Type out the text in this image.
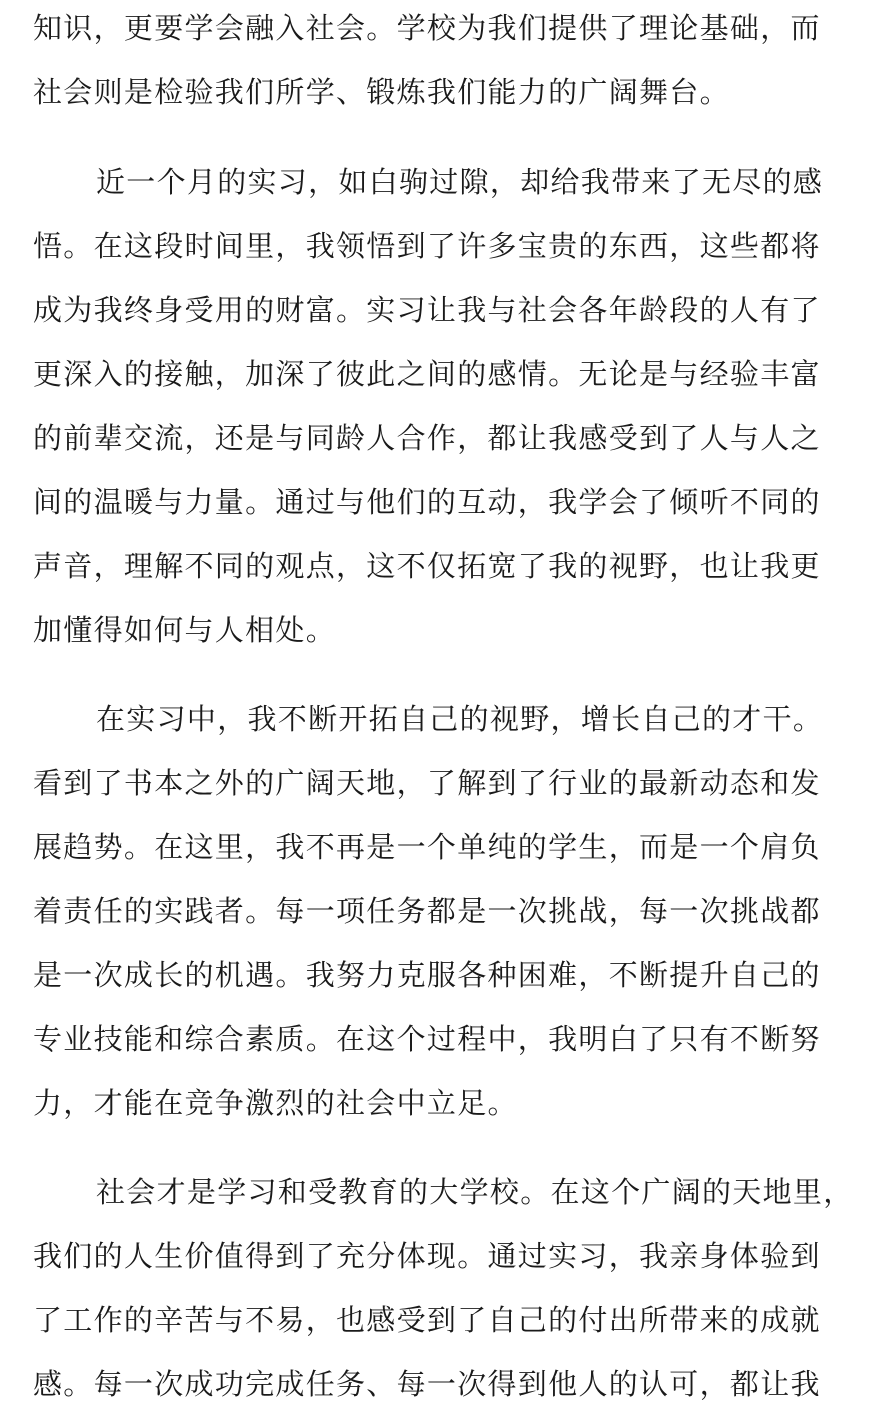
知识，更要学会融入社会。学校为我们提供了理论基础，而
社会则是检验我们所学、锻炼我们能力的广阔舞台。
近一个月的实习，如白驹过隙，却给我带来了无尽的感
悟。在这段时间里，我领悟到了许多宝贵的东西，这些都将
成为我终身受用的财富。实习让我与社会各年龄段的人有了
更深入的接触，加深了彼此之间的感情。无论是与经验丰富
的前辈交流，还是与同龄人合作，都让我感受到了人与人之
间的温暖与力量。通过与他们的互动，我学会了倾听不同的
声音，理解不同的观点，这不仅拓宽了我的视野，也让我更
加懂得如何与人相处。
在实习中，我不断开拓自己的视野，增长自己的才干。
看到了书本之外的广阔天地，了解到了行业的最新动态和发
展趋势。在这里，我不再是一个单纯的学生，而是一个肩负
着责任的实践者。每一项任务都是一次挑战，每一次挑战都
是一次成长的机遇。我努力克服各种困难，不断提升自己的
专业技能和综合素质。在这个过程中，我明白了只有不断努
力，才能在竞争激烈的社会中立足。
社会才是学习和受教育的大学校。在这个广阔的天地里，
我们的人生价值得到了充分体现。通过实习，我亲身体验到
了工作的辛苦与不易，也感受到了自己的付出所带来的成就
感。每一次成功完成任务、每一次得到他人的认可，都让我
